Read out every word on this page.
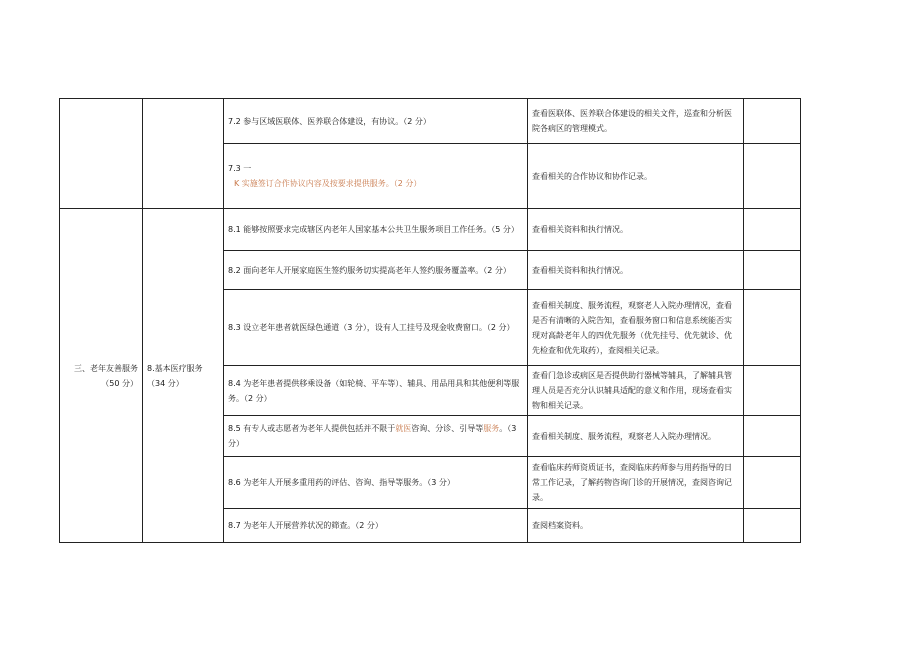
		7.2 参与区域医联体、医养联合体建设，有协议。（2 分）	查看医联体、医养联合体建设的相关文件，巡查和分析医院各病区的管理模式。	

		7.3 一
K 实施签订合作协议内容及按要求提供服务。（2 分）	查看相关的合作协议和协作记录。	
三、老年友善服务（50 分）	8.基本医疗服务（34 分）	8.1 能够按照要求完成辖区内老年人国家基本公共卫生服务项目工作任务。（5 分）	查看相关资料和执行情况。	
		8.2 面向老年人开展家庭医生签约服务切实提高老年人签约服务覆盖率。（2 分）	查看相关资料和执行情况。	
		8.3 设立老年患者就医绿色通道（3 分），设有人工挂号及现金收费窗口。（2 分）	查看相关制度、服务流程，观察老人入院办理情况，查看是否有清晰的入院告知，查看服务窗口和信息系统能否实现对高龄老年人的四优先服务（优先挂号、优先就诊、优先检查和优先取药），查阅相关记录。	
		8.4 为老年患者提供移乘设备（如轮椅、平车等）、辅具、用品用具和其他便利等服务。（2 分）	查看门急诊或病区是否提供助行器械等辅具，了解辅具管理人员是否充分认识辅具适配的意义和作用，现场查看实物和相关记录。	
		8.5 有专人或志愿者为老年人提供包括并不限于就医咨询、分诊、引导等服务。（3 分）	查看相关制度、服务流程，观察老人入院办理情况。	
		8.6 为老年人开展多重用药的评估、咨询、指导等服务。（3 分）	查看临床药师资质证书，查阅临床药师参与用药指导的日常工作记录，了解药物咨询门诊的开展情况，查阅咨询记录。	
		8.7 为老年人开展营养状况的筛查。（2 分）	查阅档案资料。	
